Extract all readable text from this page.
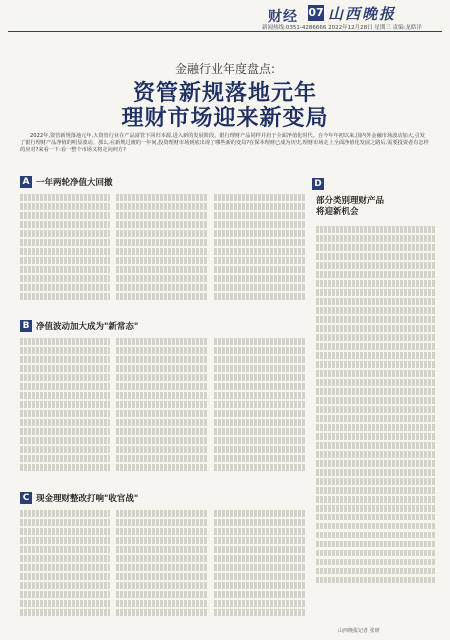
财经 07 山西晚报
新闻热线:0351-4286666 2022年12月28日 星期三 责编:龙皓洋
金融行业年度盘点:
资管新规落地元年
理财市场迎来新变局
2022年,资管新规落地元年,大资管行业在产品富管下回归本源,进入新的发展阶段。银行理财产品同样并肩于全面净值化时代。自今年年初以来,国内外金融市场波动加大,引发了银行理财产品净值的明显波动。那么,在新规过渡的一年间,投资理财市场到底出现了哪些新的变局?在保本理财已成为历史,理财市场走上全面净值化发展之路后,需要投资者有怎样的应对?来看一下:看一整个市场又将走向何方?
A 一年两轮净值大回撤
B 净值波动加大成为"新常态"
C 现金理财整改打响"收官战"
D
部分类别理财产品
将迎新机会
山西晚报记者 张研
